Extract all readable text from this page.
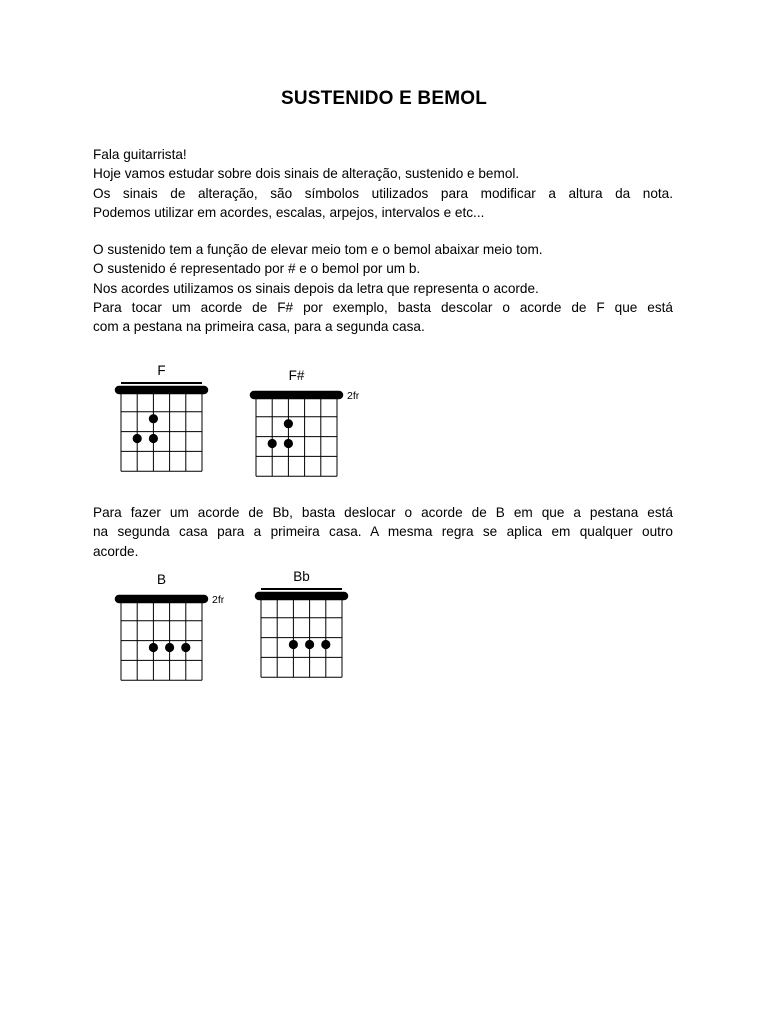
SUSTENIDO E BEMOL
Fala guitarrista!
Hoje vamos estudar sobre dois sinais de alteração, sustenido e bemol.
Os sinais de alteração, são símbolos utilizados para modificar a altura da nota.
Podemos utilizar em acordes, escalas, arpejos, intervalos e etc...
O sustenido tem a função de elevar meio tom e o bemol abaixar meio tom.
O sustenido é representado por # e o bemol por um b.
Nos acordes utilizamos os sinais depois da letra que representa o acorde.
Para tocar um acorde de F# por exemplo, basta descolar o acorde de F que está
com a pestana na primeira casa, para a segunda casa.
F	F#
2fr
Para fazer um acorde de Bb, basta deslocar o acorde de B em que a pestana está
na segunda casa para a primeira casa. A mesma regra se aplica em qualquer outro
acorde.
B
2fr
Bb
